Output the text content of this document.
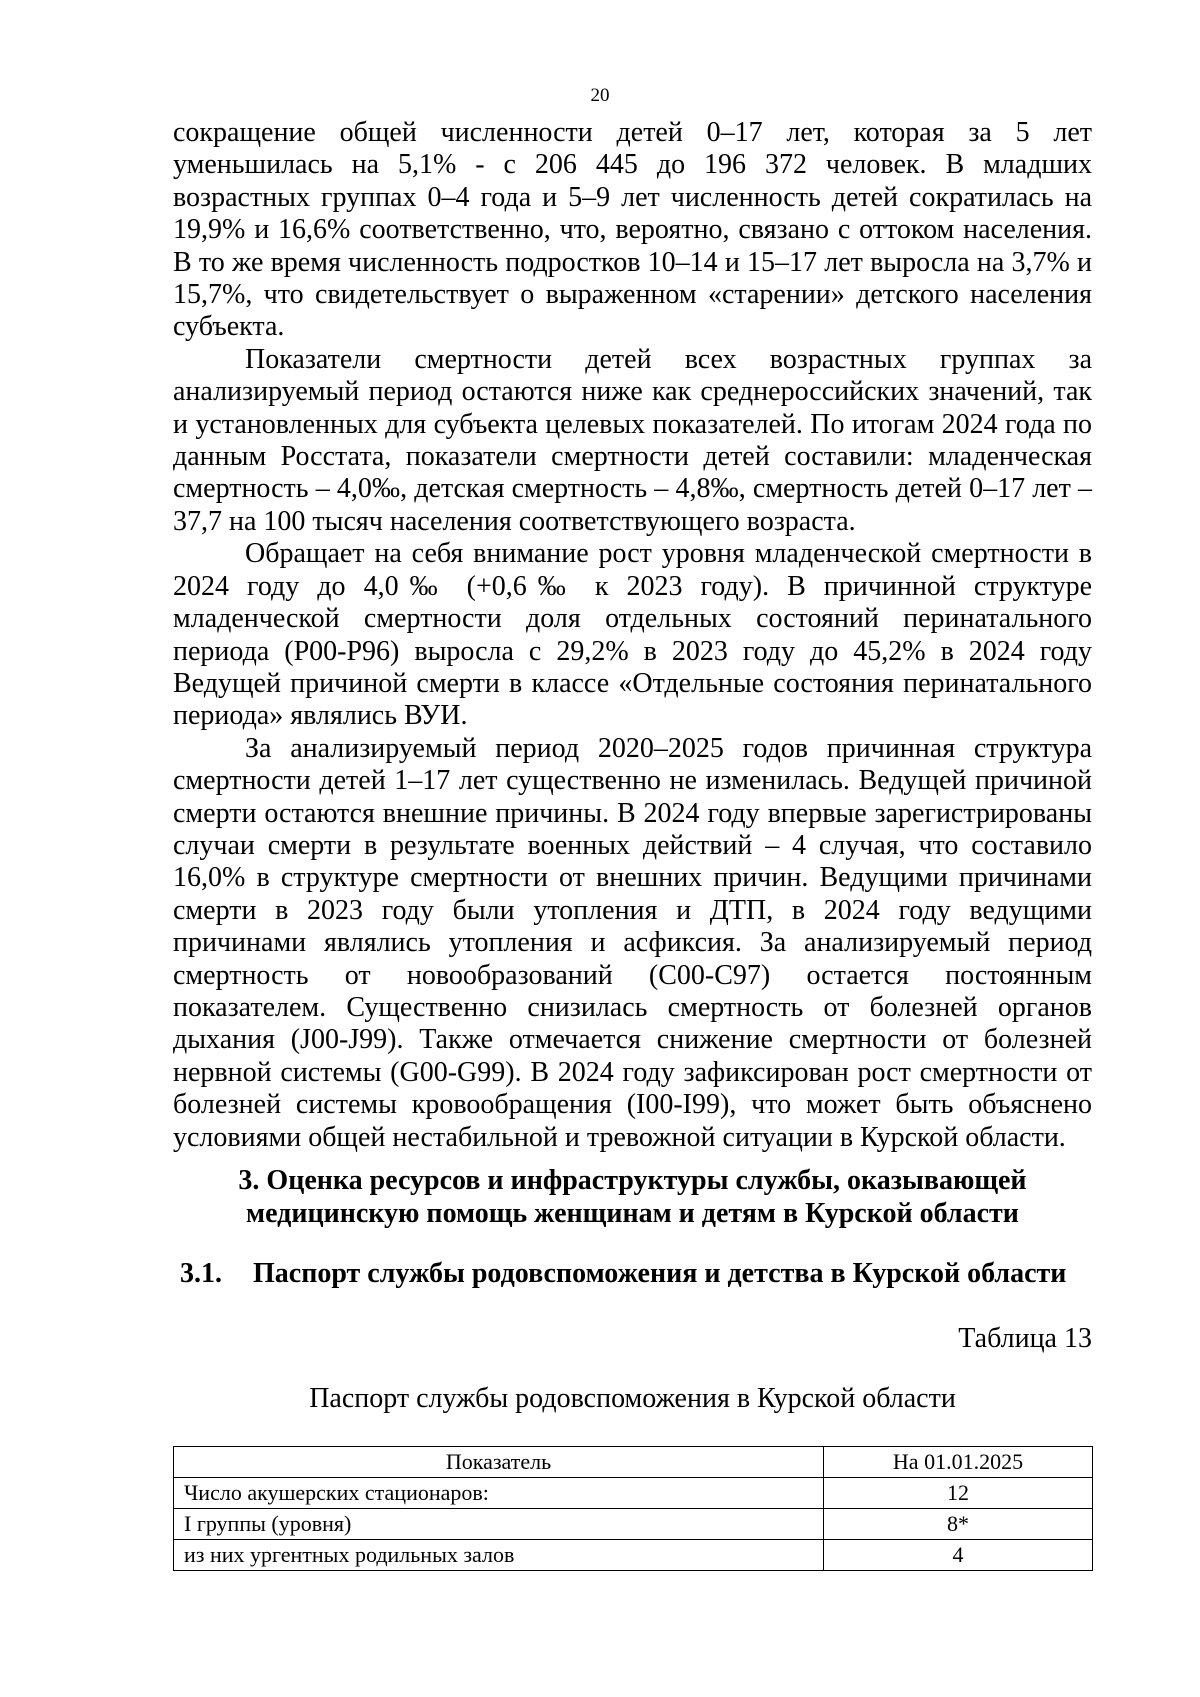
20

сокращение общей численности детей 0–17 лет, которая за 5 лет уменьшилась на 5,1% - с 206 445 до 196 372 человек. В младших возрастных группах 0–4 года и 5–9 лет численность детей сократилась на 19,9% и 16,6% соответственно, что, вероятно, связано с оттоком населения. В то же время численность подростков 10–14 и 15–17 лет выросла на 3,7% и 15,7%, что свидетельствует о выраженном «старении» детского населения субъекта.

Показатели смертности детей всех возрастных группах за анализируемый период остаются ниже как среднероссийских значений, так и установленных для субъекта целевых показателей. По итогам 2024 года по данным Росстата, показатели смертности детей составили: младенческая смертность – 4,0‰, детская смертность – 4,8‰, смертность детей 0–17 лет – 37,7 на 100 тысяч населения соответствующего возраста.

Обращает на себя внимание рост уровня младенческой смертности в 2024 году до 4,0‰ (+0,6‰ к 2023 году). В причинной структуре младенческой смертности доля отдельных состояний перинатального периода (P00-P96) выросла с 29,2% в 2023 году до 45,2% в 2024 году Ведущей причиной смерти в классе «Отдельные состояния перинатального периода» являлись ВУИ.

За анализируемый период 2020–2025 годов причинная структура смертности детей 1–17 лет существенно не изменилась. Ведущей причиной смерти остаются внешние причины. В 2024 году впервые зарегистрированы случаи смерти в результате военных действий – 4 случая, что составило 16,0% в структуре смертности от внешних причин. Ведущими причинами смерти в 2023 году были утопления и ДТП, в 2024 году ведущими причинами являлись утопления и асфиксия. За анализируемый период смертность от новообразований (C00-C97) остается постоянным показателем. Существенно снизилась смертность от болезней органов дыхания (J00-J99). Также отмечается снижение смертности от болезней нервной системы (G00-G99). В 2024 году зафиксирован рост смертности от болезней системы кровообращения (I00-I99), что может быть объяснено условиями общей нестабильной и тревожной ситуации в Курской области.

3. Оценка ресурсов и инфраструктуры службы, оказывающей
медицинскую помощь женщинам и детям в Курской области
3.1. Паспорт службы родовспоможения и детства в Курской области

Таблица 13

Паспорт службы родовспоможения в Курской области

Показатель	На 01.01.2025
Число акушерских стационаров:	12
I группы (уровня)	8*
из них ургентных родильных залов	4
